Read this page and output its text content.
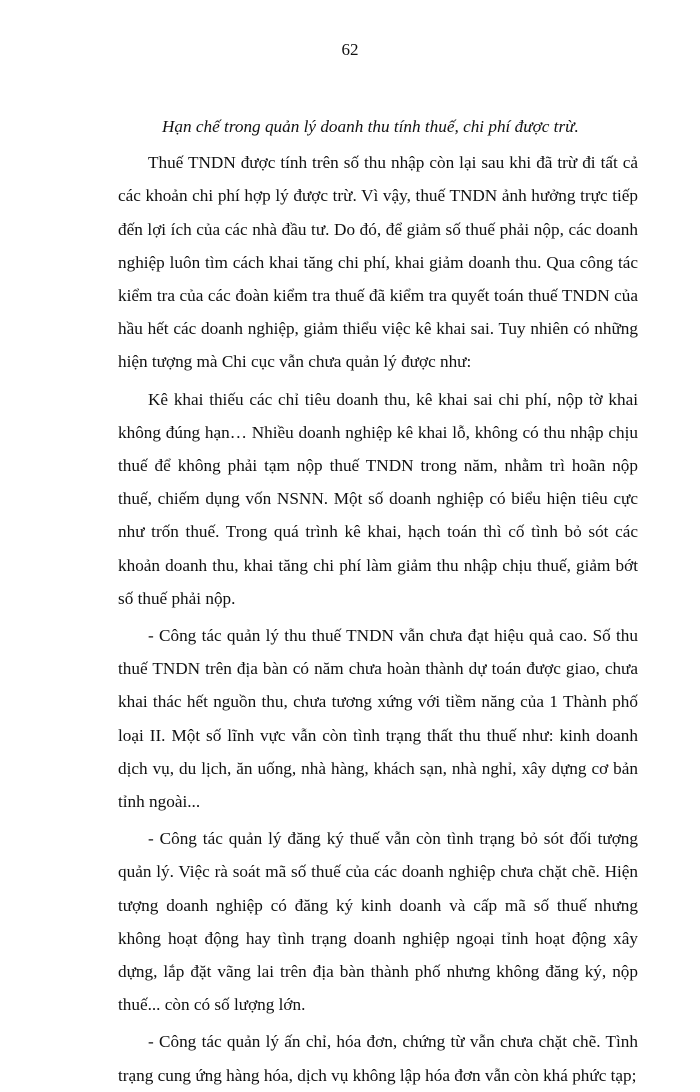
62

Hạn chế trong quản lý doanh thu tính thuế, chi phí được trừ.

Thuế TNDN được tính trên số thu nhập còn lại sau khi đã trừ đi tất cả các khoản chi phí hợp lý được trừ. Vì vậy, thuế TNDN ảnh hưởng trực tiếp đến lợi ích của các nhà đầu tư. Do đó, để giảm số thuế phải nộp, các doanh nghiệp luôn tìm cách khai tăng chi phí, khai giảm doanh thu. Qua công tác kiểm tra của các đoàn kiểm tra thuế đã kiểm tra quyết toán thuế TNDN của hầu hết các doanh nghiệp, giảm thiểu việc kê khai sai. Tuy nhiên có những hiện tượng mà Chi cục vẫn chưa quản lý được như:

Kê khai thiếu các chỉ tiêu doanh thu, kê khai sai chi phí, nộp tờ khai không đúng hạn… Nhiều doanh nghiệp kê khai lỗ, không có thu nhập chịu thuế để không phải tạm nộp thuế TNDN trong năm, nhằm trì hoãn nộp thuế, chiếm dụng vốn NSNN. Một số doanh nghiệp có biểu hiện tiêu cực như trốn thuế. Trong quá trình kê khai, hạch toán thì cố tình bỏ sót các khoản doanh thu, khai tăng chi phí làm giảm thu nhập chịu thuế, giảm bớt số thuế phải nộp.

- Công tác quản lý thu thuế TNDN vẫn chưa đạt hiệu quả cao. Số thu thuế TNDN trên địa bàn có năm chưa hoàn thành dự toán được giao, chưa khai thác hết nguồn thu, chưa tương xứng với tiềm năng của 1 Thành phố loại II. Một số lĩnh vực vẫn còn tình trạng thất thu thuế như: kinh doanh dịch vụ, du lịch, ăn uống, nhà hàng, khách sạn, nhà nghỉ, xây dựng cơ bản tỉnh ngoài...

- Công tác quản lý đăng ký thuế vẫn còn tình trạng bỏ sót đối tượng quản lý. Việc rà soát mã số thuế của các doanh nghiệp chưa chặt chẽ. Hiện tượng doanh nghiệp có đăng ký kinh doanh và cấp mã số thuế nhưng không hoạt động hay tình trạng doanh nghiệp ngoại tỉnh hoạt động xây dựng, lắp đặt vãng lai trên địa bàn thành phố nhưng không đăng ký, nộp thuế... còn có số lượng lớn.

- Công tác quản lý ấn chỉ, hóa đơn, chứng từ vẫn chưa chặt chẽ. Tình trạng cung ứng hàng hóa, dịch vụ không lập hóa đơn vẫn còn khá phức tạp;
